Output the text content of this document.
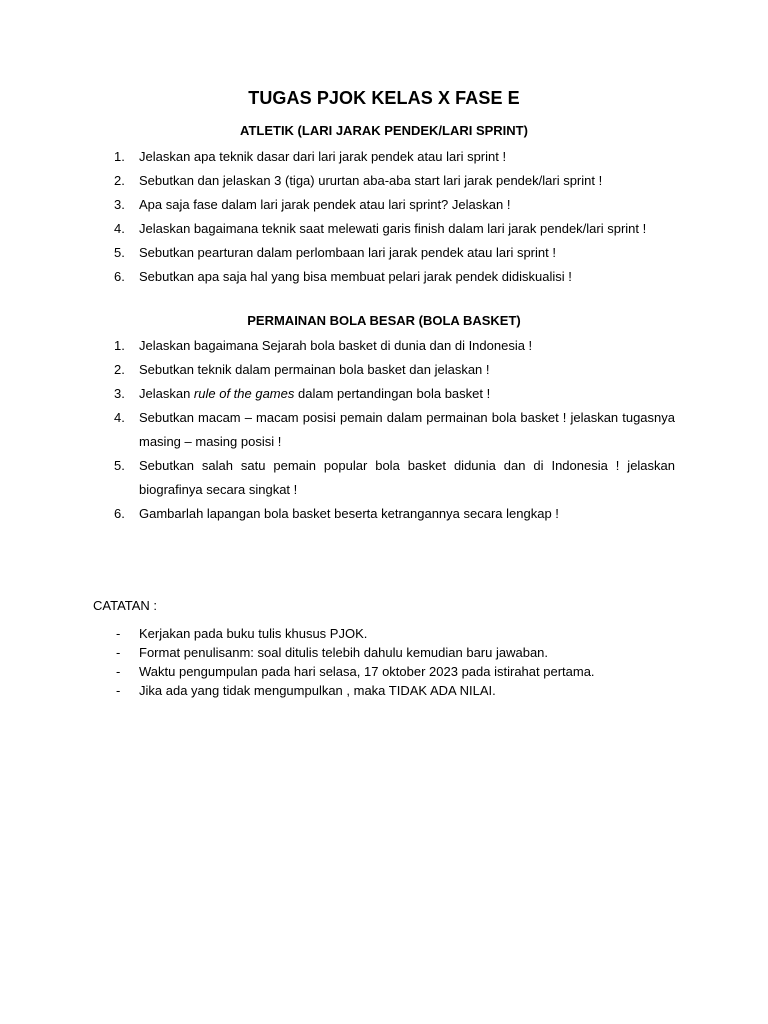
TUGAS PJOK KELAS X FASE E
ATLETIK (LARI JARAK PENDEK/LARI SPRINT)
1. Jelaskan apa teknik dasar dari lari jarak pendek atau lari sprint !
2. Sebutkan dan jelaskan 3 (tiga) ururtan aba-aba start lari jarak pendek/lari sprint !
3. Apa saja fase dalam lari jarak pendek atau lari sprint? Jelaskan !
4. Jelaskan bagaimana teknik saat melewati garis finish dalam lari jarak pendek/lari sprint !
5. Sebutkan pearturan dalam perlombaan lari jarak pendek atau lari sprint !
6. Sebutkan apa saja hal yang bisa membuat pelari jarak pendek didiskualisi !
PERMAINAN BOLA BESAR (BOLA BASKET)
1. Jelaskan bagaimana Sejarah bola basket di dunia dan di Indonesia !
2. Sebutkan teknik dalam permainan bola basket dan jelaskan !
3. Jelaskan rule of the games dalam pertandingan bola basket !
4. Sebutkan macam – macam posisi pemain dalam permainan bola basket ! jelaskan tugasnya masing – masing posisi !
5. Sebutkan salah satu pemain popular bola basket didunia dan di Indonesia ! jelaskan biografinya secara singkat !
6. Gambarlah lapangan bola basket beserta ketrangannya secara lengkap !
CATATAN :
- Kerjakan pada buku tulis khusus PJOK.
- Format penulisanm: soal ditulis telebih dahulu kemudian baru jawaban.
- Waktu pengumpulan pada hari selasa, 17 oktober 2023 pada istirahat pertama.
- Jika ada yang tidak mengumpulkan , maka TIDAK ADA NILAI.
